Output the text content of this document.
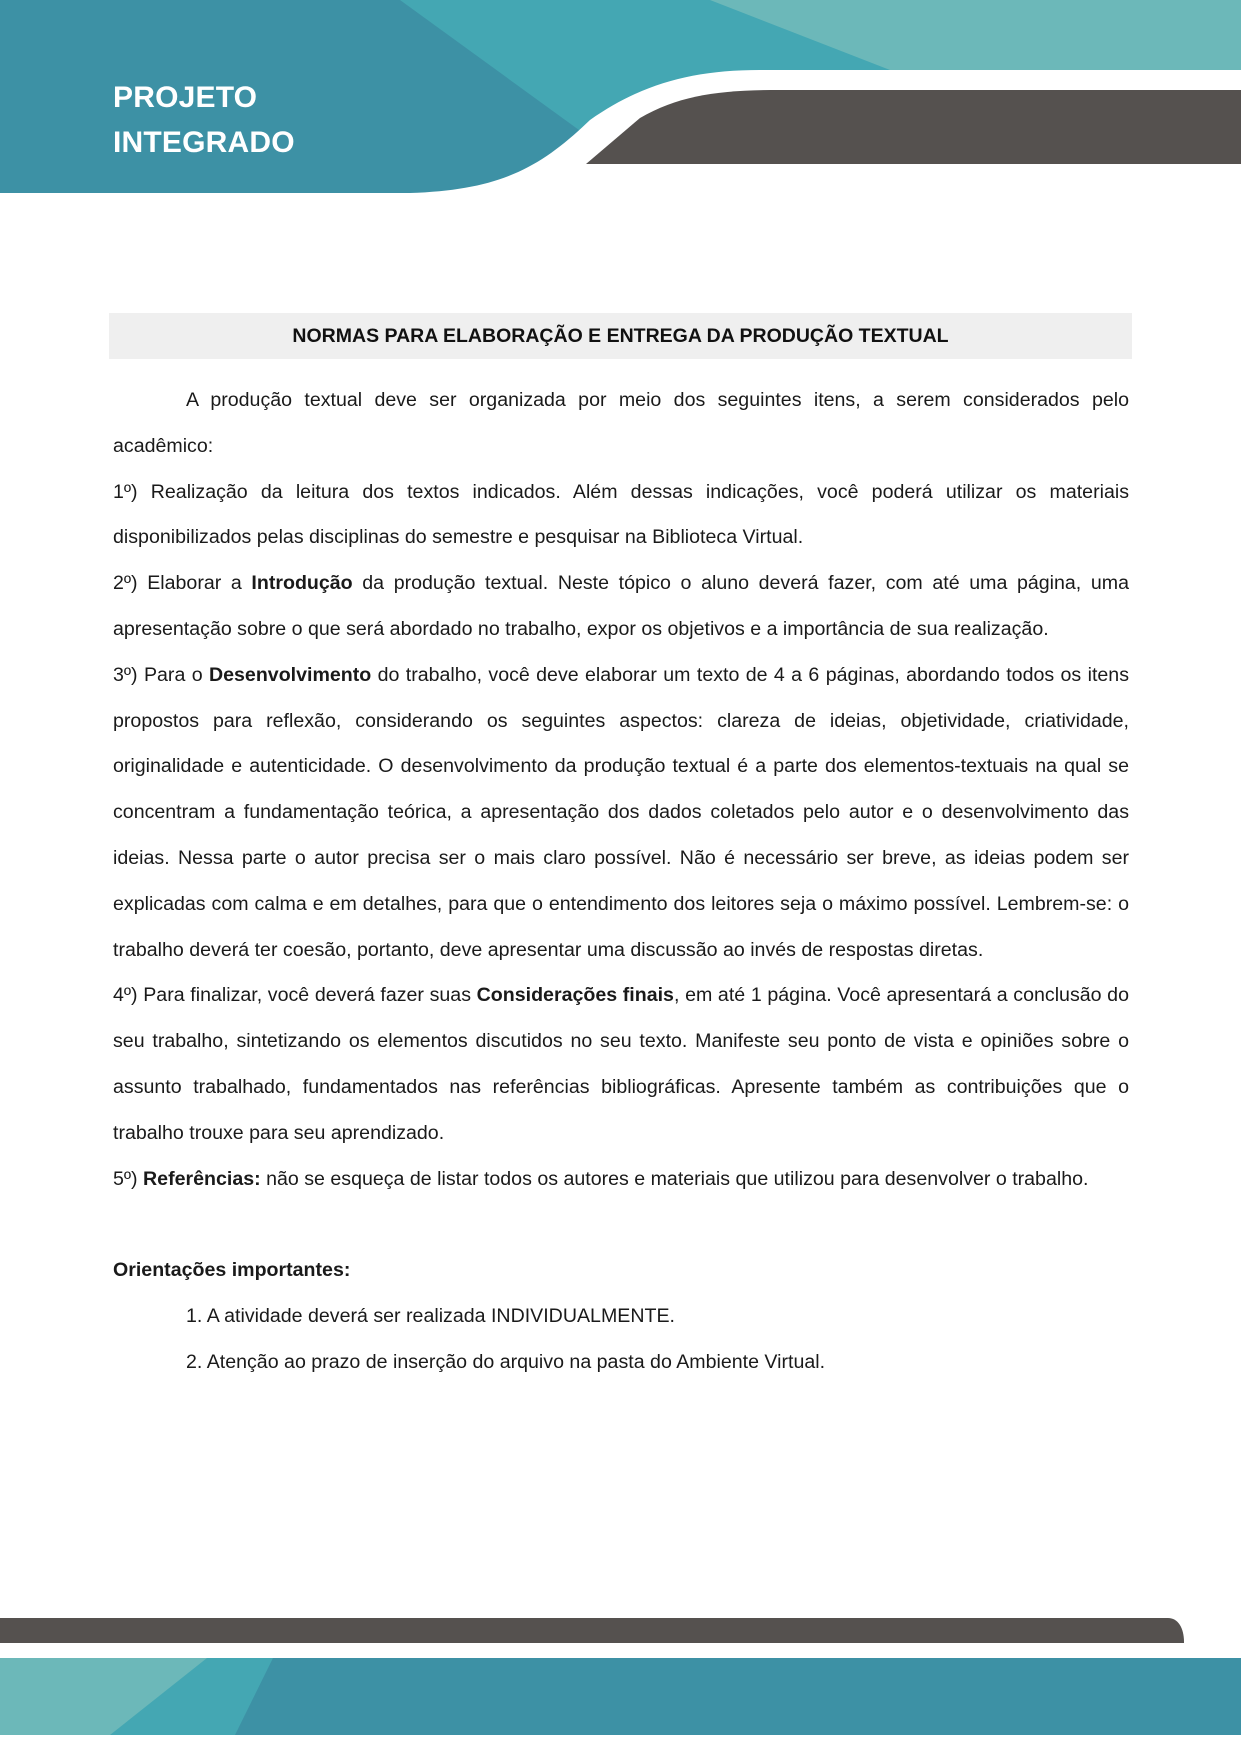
PROJETO
INTEGRADO
NORMAS PARA ELABORAÇÃO E ENTREGA DA PRODUÇÃO TEXTUAL

A produção textual deve ser organizada por meio dos seguintes itens, a serem considerados pelo acadêmico:

1º) Realização da leitura dos textos indicados. Além dessas indicações, você poderá utilizar os materiais disponibilizados pelas disciplinas do semestre e pesquisar na Biblioteca Virtual.

2º) Elaborar a Introdução da produção textual. Neste tópico o aluno deverá fazer, com até uma página, uma apresentação sobre o que será abordado no trabalho, expor os objetivos e a importância de sua realização.

3º) Para o Desenvolvimento do trabalho, você deve elaborar um texto de 4 a 6 páginas, abordando todos os itens propostos para reflexão, considerando os seguintes aspectos: clareza de ideias, objetividade, criatividade, originalidade e autenticidade. O desenvolvimento da produção textual é a parte dos elementos-textuais na qual se concentram a fundamentação teórica, a apresentação dos dados coletados pelo autor e o desenvolvimento das ideias. Nessa parte o autor precisa ser o mais claro possível. Não é necessário ser breve, as ideias podem ser explicadas com calma e em detalhes, para que o entendimento dos leitores seja o máximo possível. Lembrem-se: o trabalho deverá ter coesão, portanto, deve apresentar uma discussão ao invés de respostas diretas.

4º) Para finalizar, você deverá fazer suas Considerações finais, em até 1 página. Você apresentará a conclusão do seu trabalho, sintetizando os elementos discutidos no seu texto. Manifeste seu ponto de vista e opiniões sobre o assunto trabalhado, fundamentados nas referências bibliográficas. Apresente também as contribuições que o trabalho trouxe para seu aprendizado.

5º) Referências: não se esqueça de listar todos os autores e materiais que utilizou para desenvolver o trabalho.

Orientações importantes:

1. A atividade deverá ser realizada INDIVIDUALMENTE.

2. Atenção ao prazo de inserção do arquivo na pasta do Ambiente Virtual.
